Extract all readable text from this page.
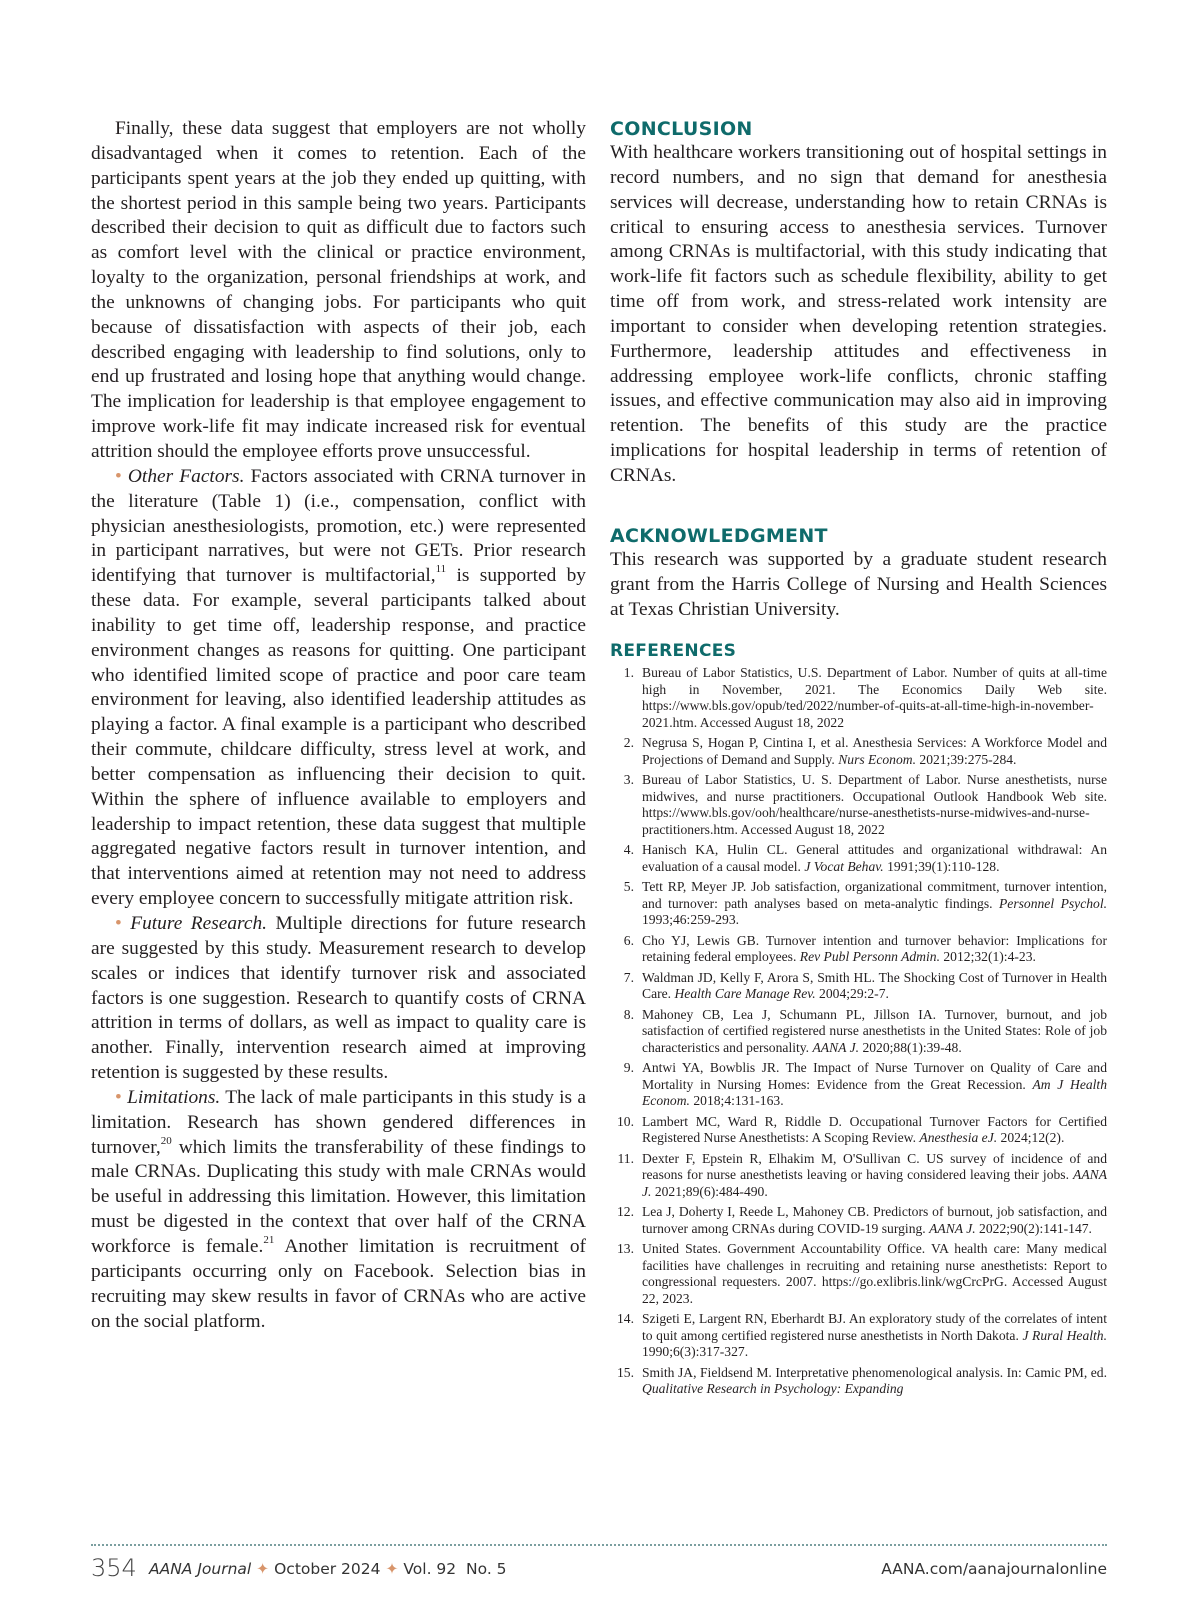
Finally, these data suggest that employers are not wholly disadvantaged when it comes to retention. Each of the participants spent years at the job they ended up quitting, with the shortest period in this sample being two years. Participants described their decision to quit as difficult due to factors such as comfort level with the clinical or practice environment, loyalty to the organization, personal friendships at work, and the unknowns of changing jobs. For participants who quit because of dissatisfaction with aspects of their job, each described engaging with leadership to find solutions, only to end up frustrated and losing hope that anything would change. The implication for leadership is that employee engagement to improve work-life fit may indicate increased risk for eventual attrition should the employee efforts prove unsuccessful.

• Other Factors. Factors associated with CRNA turnover in the literature (Table 1) (i.e., compensation, conflict with physician anesthesiologists, promotion, etc.) were represented in participant narratives, but were not GETs. Prior research identifying that turnover is multifactorial,$^{11}$ is supported by these data. For example, several participants talked about inability to get time off, leadership response, and practice environment changes as reasons for quitting. One participant who identified limited scope of practice and poor care team environment for leaving, also identified leadership attitudes as playing a factor. A final example is a participant who described their commute, childcare difficulty, stress level at work, and better compensation as influencing their decision to quit. Within the sphere of influence available to employers and leadership to impact retention, these data suggest that multiple aggregated negative factors result in turnover intention, and that interventions aimed at retention may not need to address every employee concern to successfully mitigate attrition risk.

• Future Research. Multiple directions for future research are suggested by this study. Measurement research to develop scales or indices that identify turnover risk and associated factors is one suggestion. Research to quantify costs of CRNA attrition in terms of dollars, as well as impact to quality care is another. Finally, intervention research aimed at improving retention is suggested by these results.

• Limitations. The lack of male participants in this study is a limitation. Research has shown gendered differences in turnover,$^{20}$ which limits the transferability of these findings to male CRNAs. Duplicating this study with male CRNAs would be useful in addressing this limitation. However, this limitation must be digested in the context that over half of the CRNA workforce is female.$^{21}$ Another limitation is recruitment of participants occurring only on Facebook. Selection bias in recruiting may skew results in favor of CRNAs who are active on the social platform.

CONCLUSION

With healthcare workers transitioning out of hospital settings in record numbers, and no sign that demand for anesthesia services will decrease, understanding how to retain CRNAs is critical to ensuring access to anesthesia services. Turnover among CRNAs is multifactorial, with this study indicating that work-life fit factors such as schedule flexibility, ability to get time off from work, and stress-related work intensity are important to consider when developing retention strategies. Furthermore, leadership attitudes and effectiveness in addressing employee work-life conflicts, chronic staffing issues, and effective communication may also aid in improving retention. The benefits of this study are the practice implications for hospital leadership in terms of retention of CRNAs.

ACKNOWLEDGMENT

This research was supported by a graduate student research grant from the Harris College of Nursing and Health Sciences at Texas Christian University.

REFERENCES
1. Bureau of Labor Statistics, U.S. Department of Labor. Number of quits at all-time high in November, 2021. The Economics Daily Web site. https://www.bls.gov/opub/ted/2022/number-of-quits-at-all-time-high-in-november-2021.htm. Accessed August 18, 2022
2. Negrusa S, Hogan P, Cintina I, et al. Anesthesia Services: A Workforce Model and Projections of Demand and Supply. Nurs Econom. 2021;39:275-284.
3. Bureau of Labor Statistics, U. S. Department of Labor. Nurse anesthetists, nurse midwives, and nurse practitioners. Occupational Outlook Handbook Web site. https://www.bls.gov/ooh/healthcare/nurse-anesthetists-nurse-midwives-and-nurse-practitioners.htm. Accessed August 18, 2022
4. Hanisch KA, Hulin CL. General attitudes and organizational withdrawal: An evaluation of a causal model. J Vocat Behav. 1991;39(1):110-128.
5. Tett RP, Meyer JP. Job satisfaction, organizational commitment, turnover intention, and turnover: path analyses based on meta-analytic findings. Personnel Psychol. 1993;46:259-293.
6. Cho YJ, Lewis GB. Turnover intention and turnover behavior: Implications for retaining federal employees. Rev Publ Personn Admin. 2012;32(1):4-23.
7. Waldman JD, Kelly F, Arora S, Smith HL. The Shocking Cost of Turnover in Health Care. Health Care Manage Rev. 2004;29:2-7.
8. Mahoney CB, Lea J, Schumann PL, Jillson IA. Turnover, burnout, and job satisfaction of certified registered nurse anesthetists in the United States: Role of job characteristics and personality. AANA J. 2020;88(1):39-48.
9. Antwi YA, Bowblis JR. The Impact of Nurse Turnover on Quality of Care and Mortality in Nursing Homes: Evidence from the Great Recession. Am J Health Econom. 2018;4:131-163.
10. Lambert MC, Ward R, Riddle D. Occupational Turnover Factors for Certified Registered Nurse Anesthetists: A Scoping Review. Anesthesia eJ. 2024;12(2).
11. Dexter F, Epstein R, Elhakim M, O'Sullivan C. US survey of incidence of and reasons for nurse anesthetists leaving or having considered leaving their jobs. AANA J. 2021;89(6):484-490.
12. Lea J, Doherty I, Reede L, Mahoney CB. Predictors of burnout, job satisfaction, and turnover among CRNAs during COVID-19 surging. AANA J. 2022;90(2):141-147.
13. United States. Government Accountability Office. VA health care: Many medical facilities have challenges in recruiting and retaining nurse anesthetists: Report to congressional requesters. 2007. https://go.exlibris.link/wgCrcPrG. Accessed August 22, 2023.
14. Szigeti E, Largent RN, Eberhardt BJ. An exploratory study of the correlates of intent to quit among certified registered nurse anesthetists in North Dakota. J Rural Health. 1990;6(3):317-327.
15. Smith JA, Fieldsend M. Interpretative phenomenological analysis. In: Camic PM, ed. Qualitative Research in Psychology: Expanding
354 AANA Journal ✦ October 2024 ✦ Vol. 92 No. 5	AANA.com/aanajournalonline
